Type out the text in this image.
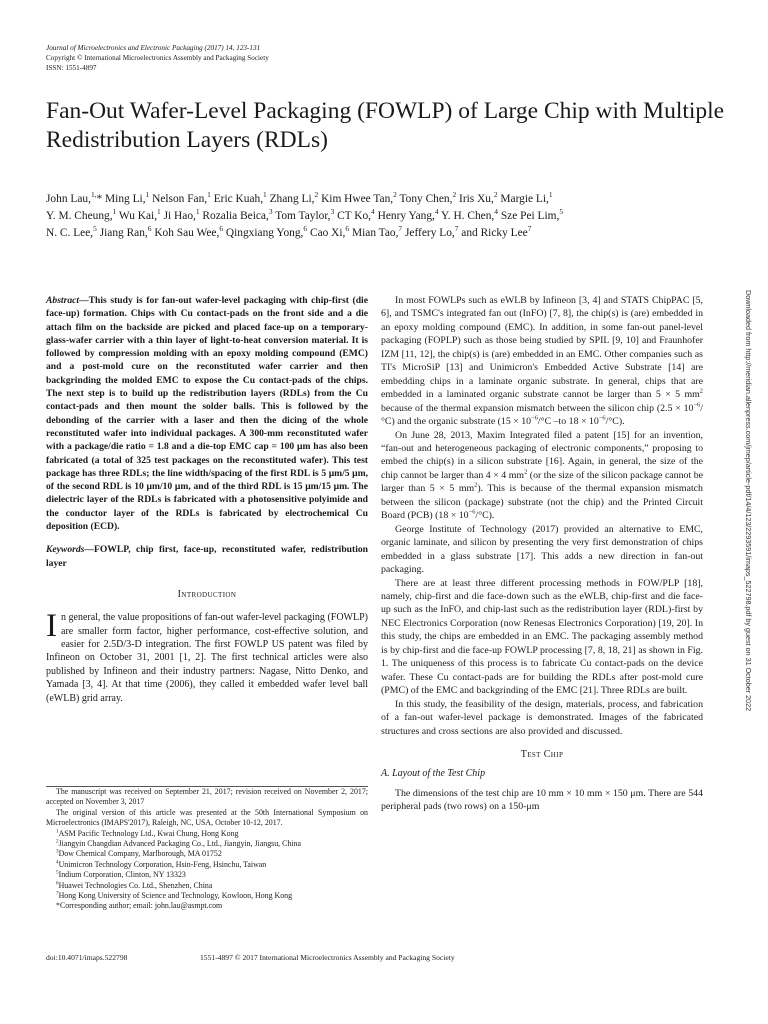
Journal of Microelectronics and Electronic Packaging (2017) 14, 123-131
Copyright © International Microelectronics Assembly and Packaging Society
ISSN: 1551-4897
Fan-Out Wafer-Level Packaging (FOWLP) of Large Chip with Multiple Redistribution Layers (RDLs)
John Lau,$^{1,}$* Ming Li,$^1$ Nelson Fan,$^1$ Eric Kuah,$^1$ Zhang Li,$^2$ Kim Hwee Tan,$^2$ Tony Chen,$^2$ Iris Xu,$^2$ Margie Li,$^1$
Y. M. Cheung,$^1$ Wu Kai,$^1$ Ji Hao,$^1$ Rozalia Beica,$^3$ Tom Taylor,$^3$ CT Ko,$^4$ Henry Yang,$^4$ Y. H. Chen,$^4$ Sze Pei Lim,$^5$
N. C. Lee,$^5$ Jiang Ran,$^6$ Koh Sau Wee,$^6$ Qingxiang Yong,$^6$ Cao Xi,$^6$ Mian Tao,$^7$ Jeffery Lo,$^7$ and Ricky Lee$^7$

Abstract—This study is for fan-out wafer-level packaging with chip-first (die face-up) formation. Chips with Cu contact-pads on the front side and a die attach film on the backside are picked and placed face-up on a temporary-glass-wafer carrier with a thin layer of light-to-heat conversion material. It is followed by compression molding with an epoxy molding compound (EMC) and a post-mold cure on the reconstituted wafer carrier and then backgrinding the molded EMC to expose the Cu contact-pads of the chips. The next step is to build up the redistribution layers (RDLs) from the Cu contact-pads and then mount the solder balls. This is followed by the debonding of the carrier with a laser and then the dicing of the whole reconstituted wafer into individual packages. A 300-mm reconstituted wafer with a package/die ratio = 1.8 and a die-top EMC cap = 100 μm has also been fabricated (a total of 325 test packages on the reconstituted wafer). This test package has three RDLs; the line width/spacing of the first RDL is 5 μm/5 μm, of the second RDL is 10 μm/10 μm, and of the third RDL is 15 μm/15 μm. The dielectric layer of the RDLs is fabricated with a photosensitive polyimide and the conductor layer of the RDLs is fabricated by electrochemical Cu deposition (ECD).

Keywords—FOWLP, chip first, face-up, reconstituted wafer, redistribution layer

Introduction

In general, the value propositions of fan-out wafer-level packaging (FOWLP) are smaller form factor, higher performance, cost-effective solution, and easier for 2.5D/3-D integration. The first FOWLP US patent was filed by Infineon on October 31, 2001 [1, 2]. The first technical articles were also published by Infineon and their industry partners: Nagase, Nitto Denko, and Yamada [3, 4]. At that time (2006), they called it embedded wafer level ball (eWLB) grid array.

The manuscript was received on September 21, 2017; revision received on November 2, 2017; accepted on November 3, 2017

The original version of this article was presented at the 50th International Symposium on Microelectronics (IMAPS'2017), Raleigh, NC, USA, October 10-12, 2017.

$^1$ASM Pacific Technology Ltd., Kwai Chung, Hong Kong

$^2$Jiangyin Changdian Advanced Packaging Co., Ltd., Jiangyin, Jiangsu, China

$^3$Dow Chemical Company, Marlborough, MA 01752

$^4$Unimicron Technology Corporation, Hsin-Feng, Hsinchu, Taiwan

$^5$Indium Corporation, Clinton, NY 13323

$^6$Huawei Technologies Co. Ltd., Shenzhen, China

$^7$Hong Kong University of Science and Technology, Kowloon, Hong Kong

*Corresponding author; email: john.lau@asmpt.com

In most FOWLPs such as eWLB by Infineon [3, 4] and STATS ChipPAC [5, 6], and TSMC's integrated fan out (InFO) [7, 8], the chip(s) is (are) embedded in an epoxy molding compound (EMC). In addition, in some fan-out panel-level packaging (FOPLP) such as those being studied by SPIL [9, 10] and Fraunhofer IZM [11, 12], the chip(s) is (are) embedded in an EMC. Other companies such as TI's MicroSiP [13] and Unimicron's Embedded Active Substrate [14] are embedding chips in a laminate organic substrate. In general, chips that are embedded in a laminated organic substrate cannot be larger than 5 × 5 $mm^2$ because of the thermal expansion mismatch between the silicon chip $(2.5 \times 10^{-6}/^\circ C)$ and the organic substrate ($15 \times 10^{-6}/^\circ C$ –to $18 \times 10^{-6}/^\circ C$).

On June 28, 2013, Maxim Integrated filed a patent [15] for an invention, “fan-out and heterogeneous packaging of electronic components,” proposing to embed the chip(s) in a silicon substrate [16]. Again, in general, the size of the chip cannot be larger than 4 × 4 $mm^2$ (or the size of the silicon package cannot be larger than 5 × 5 $mm^2$). This is because of the thermal expansion mismatch between the silicon (package) substrate (not the chip) and the Printed Circuit Board (PCB) $(18 \times 10^{-6}/^\circ C)$.

George Institute of Technology (2017) provided an alternative to EMC, organic laminate, and silicon by presenting the very first demonstration of chips embedded in a glass substrate [17]. This adds a new direction in fan-out packaging.

There are at least three different processing methods in FOW/PLP [18], namely, chip-first and die face-down such as the eWLB, chip-first and die face-up such as the InFO, and chip-last such as the redistribution layer (RDL)-first by NEC Electronics Corporation (now Renesas Electronics Corporation) [19, 20]. In this study, the chips are embedded in an EMC. The packaging assembly method is by chip-first and die face-up FOWLP processing [7, 8, 18, 21] as shown in Fig. 1. The uniqueness of this process is to fabricate Cu contact-pads on the device wafer. These Cu contact-pads are for building the RDLs after post-mold cure (PMC) of the EMC and backgrinding of the EMC [21]. Three RDLs are built.

In this study, the feasibility of the design, materials, process, and fabrication of a fan-out wafer-level package is demonstrated. Images of the fabricated structures and cross sections are also provided and discussed.

Test Chip
A. Layout of the Test Chip

The dimensions of the test chip are 10 mm × 10 mm × 150 μm. There are 544 peripheral pads (two rows) on a 150-μm

doi:10.4071/imaps.522798	1551-4897 © 2017 International Microelectronics Assembly and Packaging Society
Downloaded from http://meridian.allenpress.com/jmep/article-pdf/14/4/123/2293591/imaps_522798.pdf by guest on 31 October 2022
